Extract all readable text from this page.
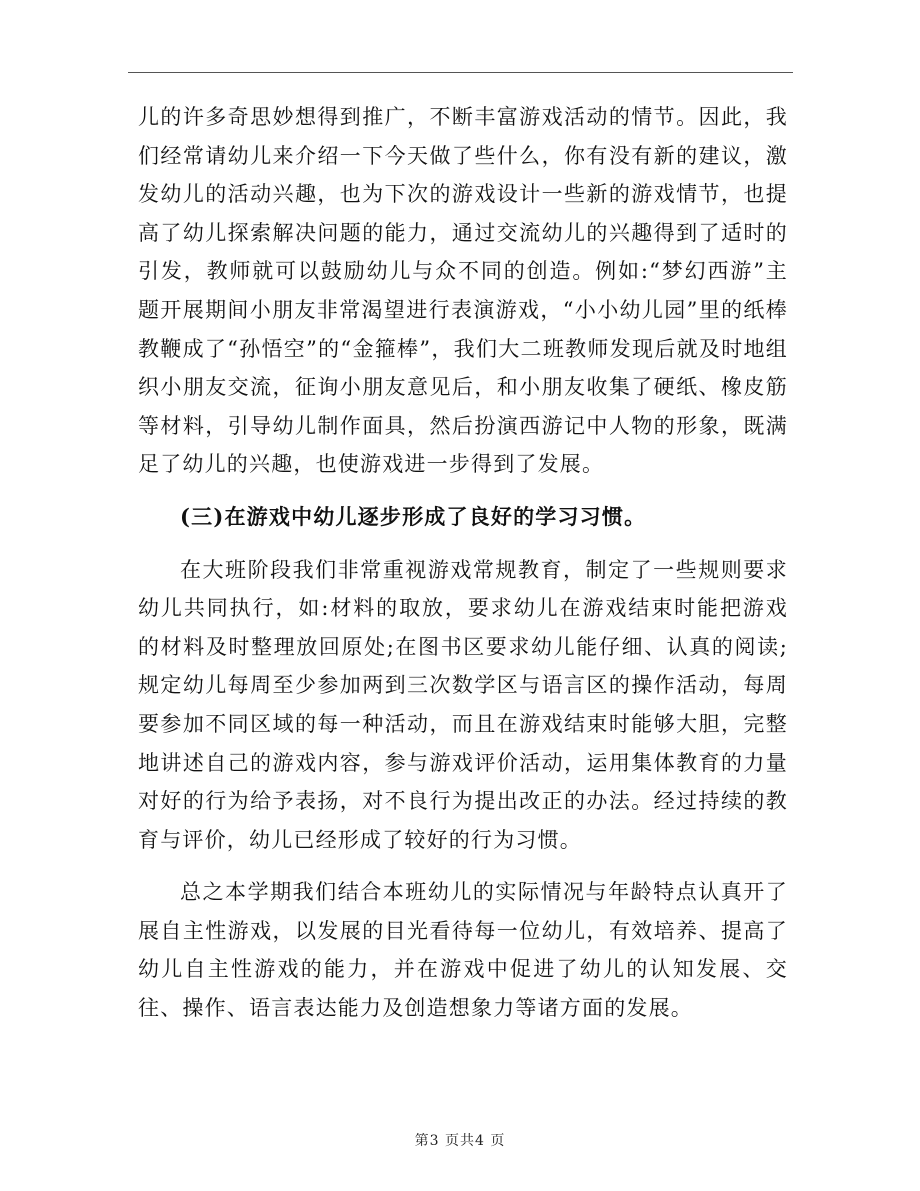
儿的许多奇思妙想得到推广，不断丰富游戏活动的情节。因此，我们经常请幼儿来介绍一下今天做了些什么，你有没有新的建议，激发幼儿的活动兴趣，也为下次的游戏设计一些新的游戏情节，也提高了幼儿探索解决问题的能力，通过交流幼儿的兴趣得到了适时的引发，教师就可以鼓励幼儿与众不同的创造。例如:“梦幻西游”主题开展期间小朋友非常渴望进行表演游戏，“小小幼儿园”里的纸棒教鞭成了“孙悟空”的“金箍棒”，我们大二班教师发现后就及时地组织小朋友交流，征询小朋友意见后，和小朋友收集了硬纸、橡皮筋等材料，引导幼儿制作面具，然后扮演西游记中人物的形象，既满足了幼儿的兴趣，也使游戏进一步得到了发展。

(三)在游戏中幼儿逐步形成了良好的学习习惯。

在大班阶段我们非常重视游戏常规教育，制定了一些规则要求幼儿共同执行，如:材料的取放，要求幼儿在游戏结束时能把游戏的材料及时整理放回原处;在图书区要求幼儿能仔细、认真的阅读;规定幼儿每周至少参加两到三次数学区与语言区的操作活动，每周要参加不同区域的每一种活动，而且在游戏结束时能够大胆，完整地讲述自己的游戏内容，参与游戏评价活动，运用集体教育的力量对好的行为给予表扬，对不良行为提出改正的办法。经过持续的教育与评价，幼儿已经形成了较好的行为习惯。

总之本学期我们结合本班幼儿的实际情况与年龄特点认真开了展自主性游戏，以发展的目光看待每一位幼儿，有效培养、提高了幼儿自主性游戏的能力，并在游戏中促进了幼儿的认知发展、交往、操作、语言表达能力及创造想象力等诸方面的发展。

第3 页共4 页
